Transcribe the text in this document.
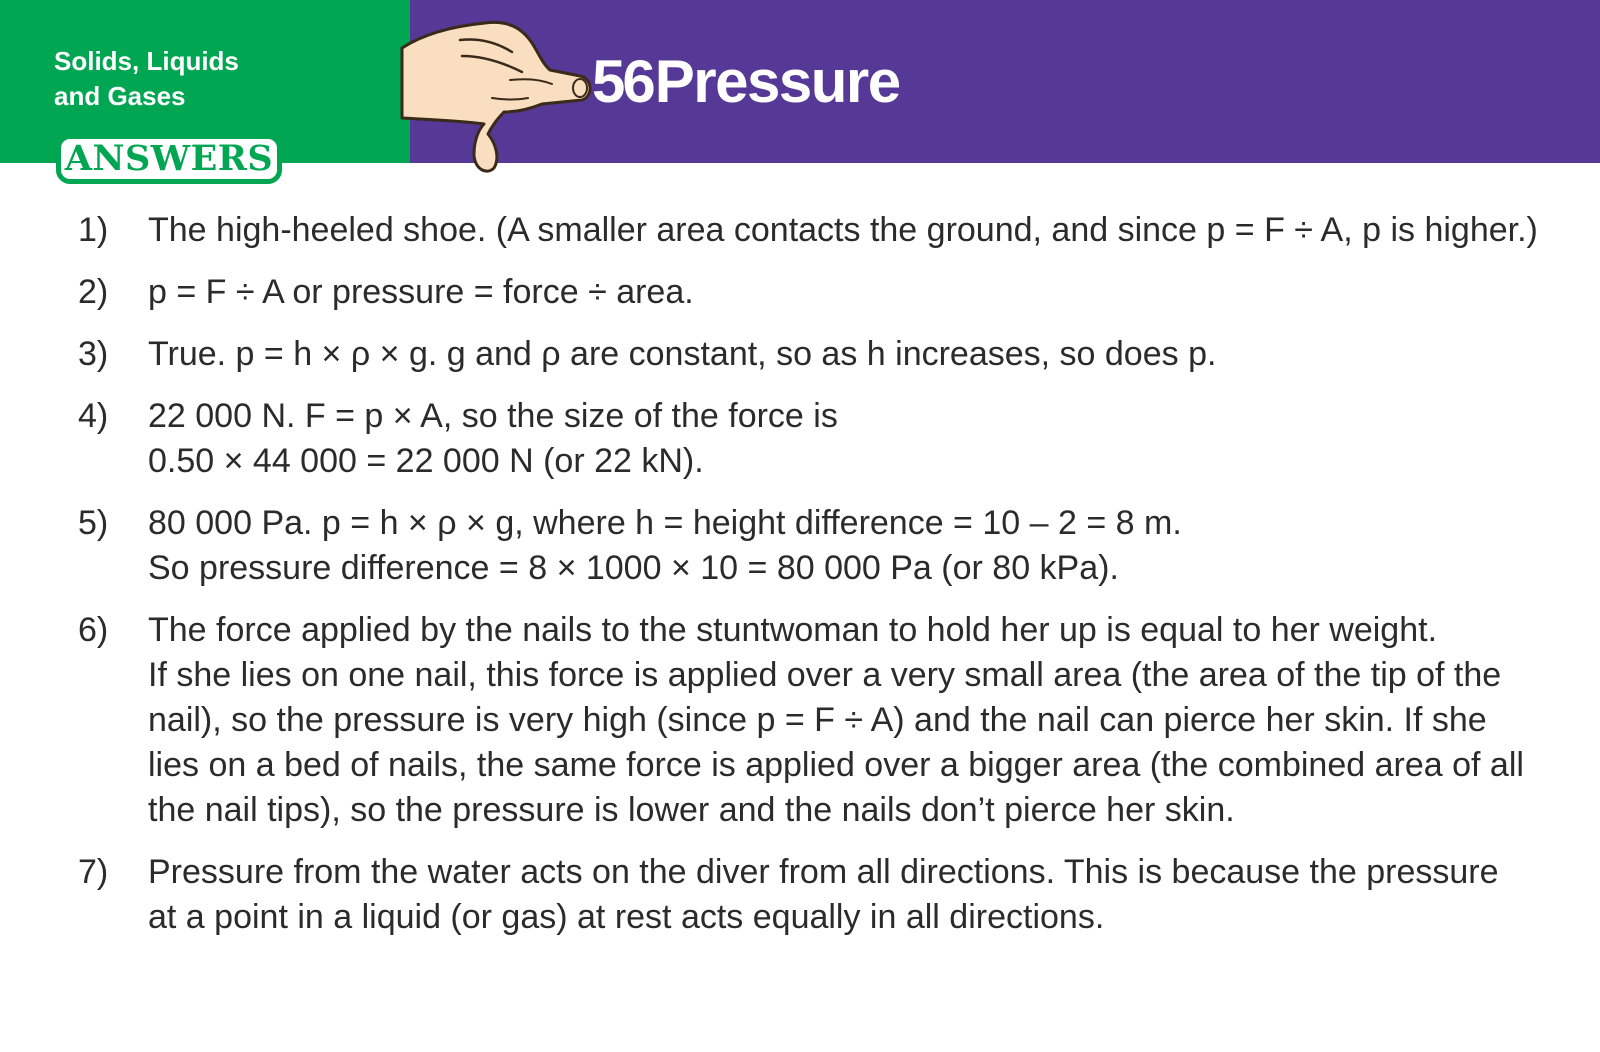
Solids, Liquids
and Gases
ANSWERS
56Pressure
1) The high-heeled shoe. (A smaller area contacts the ground, and since p = F ÷ A, p is higher.)
2) p = F ÷ A or pressure = force ÷ area.
3) True. p = h × ρ × g. g and ρ are constant, so as h increases, so does p.
4) 22 000 N. F = p × A, so the size of the force is
0.50 × 44 000 = 22 000 N (or 22 kN).
5) 80 000 Pa. p = h × ρ × g, where h = height difference = 10 – 2 = 8 m.
So pressure difference = 8 × 1000 × 10 = 80 000 Pa (or 80 kPa).
6) The force applied by the nails to the stuntwoman to hold her up is equal to her weight.
If she lies on one nail, this force is applied over a very small area (the area of the tip of the
nail), so the pressure is very high (since p = F ÷ A) and the nail can pierce her skin. If she
lies on a bed of nails, the same force is applied over a bigger area (the combined area of all
the nail tips), so the pressure is lower and the nails don’t pierce her skin.
7) Pressure from the water acts on the diver from all directions. This is because the pressure
at a point in a liquid (or gas) at rest acts equally in all directions.
